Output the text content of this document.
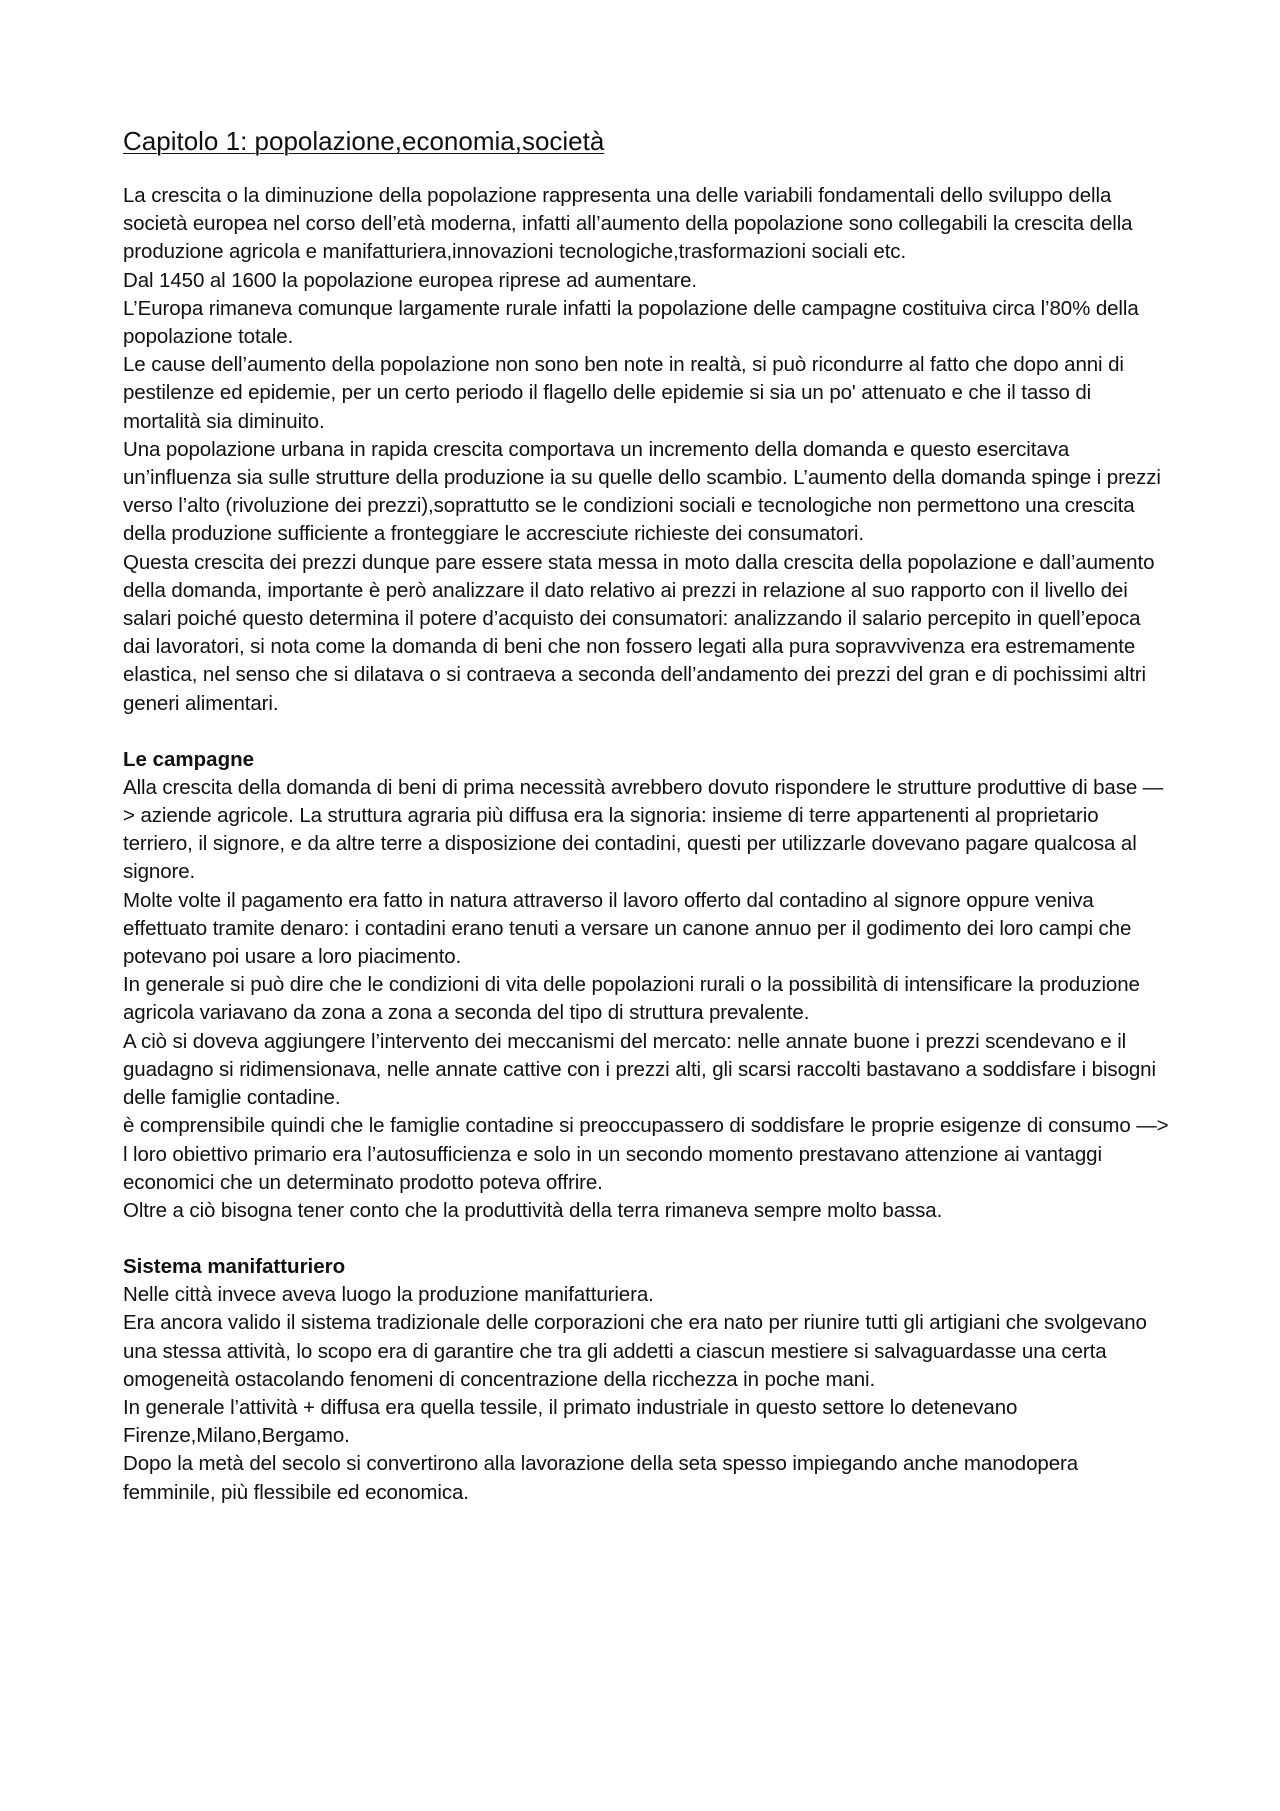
Capitolo 1: popolazione,economia,società

La crescita o la diminuzione della popolazione rappresenta una delle variabili fondamentali dello sviluppo della società europea nel corso dell’età moderna, infatti all’aumento della popolazione sono collegabili la crescita della produzione agricola e manifatturiera,innovazioni tecnologiche,trasformazioni sociali etc.

Dal 1450 al 1600 la popolazione europea riprese ad aumentare.

L’Europa rimaneva comunque largamente rurale infatti la popolazione delle campagne costituiva circa l’80% della popolazione totale.

Le cause dell’aumento della popolazione non sono ben note in realtà, si può ricondurre al fatto che dopo anni di pestilenze ed epidemie, per un certo periodo il flagello delle epidemie si sia un po' attenuato e che il tasso di mortalità sia diminuito.

Una popolazione urbana in rapida crescita comportava un incremento della domanda e questo esercitava un’influenza sia sulle strutture della produzione ia su quelle dello scambio. L’aumento della domanda spinge i prezzi verso l’alto (rivoluzione dei prezzi),soprattutto se le condizioni sociali e tecnologiche non permettono una crescita della produzione sufficiente a fronteggiare le accresciute richieste dei consumatori.

Questa crescita dei prezzi dunque pare essere stata messa in moto dalla crescita della popolazione e dall’aumento della domanda, importante è però analizzare il dato relativo ai prezzi in relazione al suo rapporto con il livello dei salari poiché questo determina il potere d’acquisto dei consumatori: analizzando il salario percepito in quell’epoca dai lavoratori, si nota come la domanda di beni che non fossero legati alla pura sopravvivenza era estremamente elastica, nel senso che si dilatava o si contraeva a seconda dell’andamento dei prezzi del gran e di pochissimi altri generi alimentari.

Le campagne

Alla crescita della domanda di beni di prima necessità avrebbero dovuto rispondere le strutture produttive di base —> aziende agricole. La struttura agraria più diffusa era la signoria: insieme di terre appartenenti al proprietario terriero, il signore, e da altre terre a disposizione dei contadini, questi per utilizzarle dovevano pagare qualcosa al signore.

Molte volte il pagamento era fatto in natura attraverso il lavoro offerto dal contadino al signore oppure veniva effettuato tramite denaro: i contadini erano tenuti a versare un canone annuo per il godimento dei loro campi che potevano poi usare a loro piacimento.

In generale si può dire che le condizioni di vita delle popolazioni rurali o la possibilità di intensificare la produzione agricola variavano da zona a zona a seconda del tipo di struttura prevalente.

A ciò si doveva aggiungere l’intervento dei meccanismi del mercato: nelle annate buone i prezzi scendevano e il guadagno si ridimensionava, nelle annate cattive con i prezzi alti, gli scarsi raccolti bastavano a soddisfare i bisogni delle famiglie contadine.

è comprensibile quindi che le famiglie contadine si preoccupassero di soddisfare le proprie esigenze di consumo —> l loro obiettivo primario era l’autosufficienza e solo in un secondo momento prestavano attenzione ai vantaggi economici che un determinato prodotto poteva offrire.

Oltre a ciò bisogna tener conto che la produttività della terra rimaneva sempre molto bassa.

Sistema manifatturiero

Nelle città invece aveva luogo la produzione manifatturiera.

Era ancora valido il sistema tradizionale delle corporazioni che era nato per riunire tutti gli artigiani che svolgevano una stessa attività, lo scopo era di garantire che tra gli addetti a ciascun mestiere si salvaguardasse una certa omogeneità ostacolando fenomeni di concentrazione della ricchezza in poche mani.

In generale l’attività + diffusa era quella tessile, il primato industriale in questo settore lo detenevano Firenze,Milano,Bergamo.

Dopo la metà del secolo si convertirono alla lavorazione della seta spesso impiegando anche manodopera femminile, più flessibile ed economica.
